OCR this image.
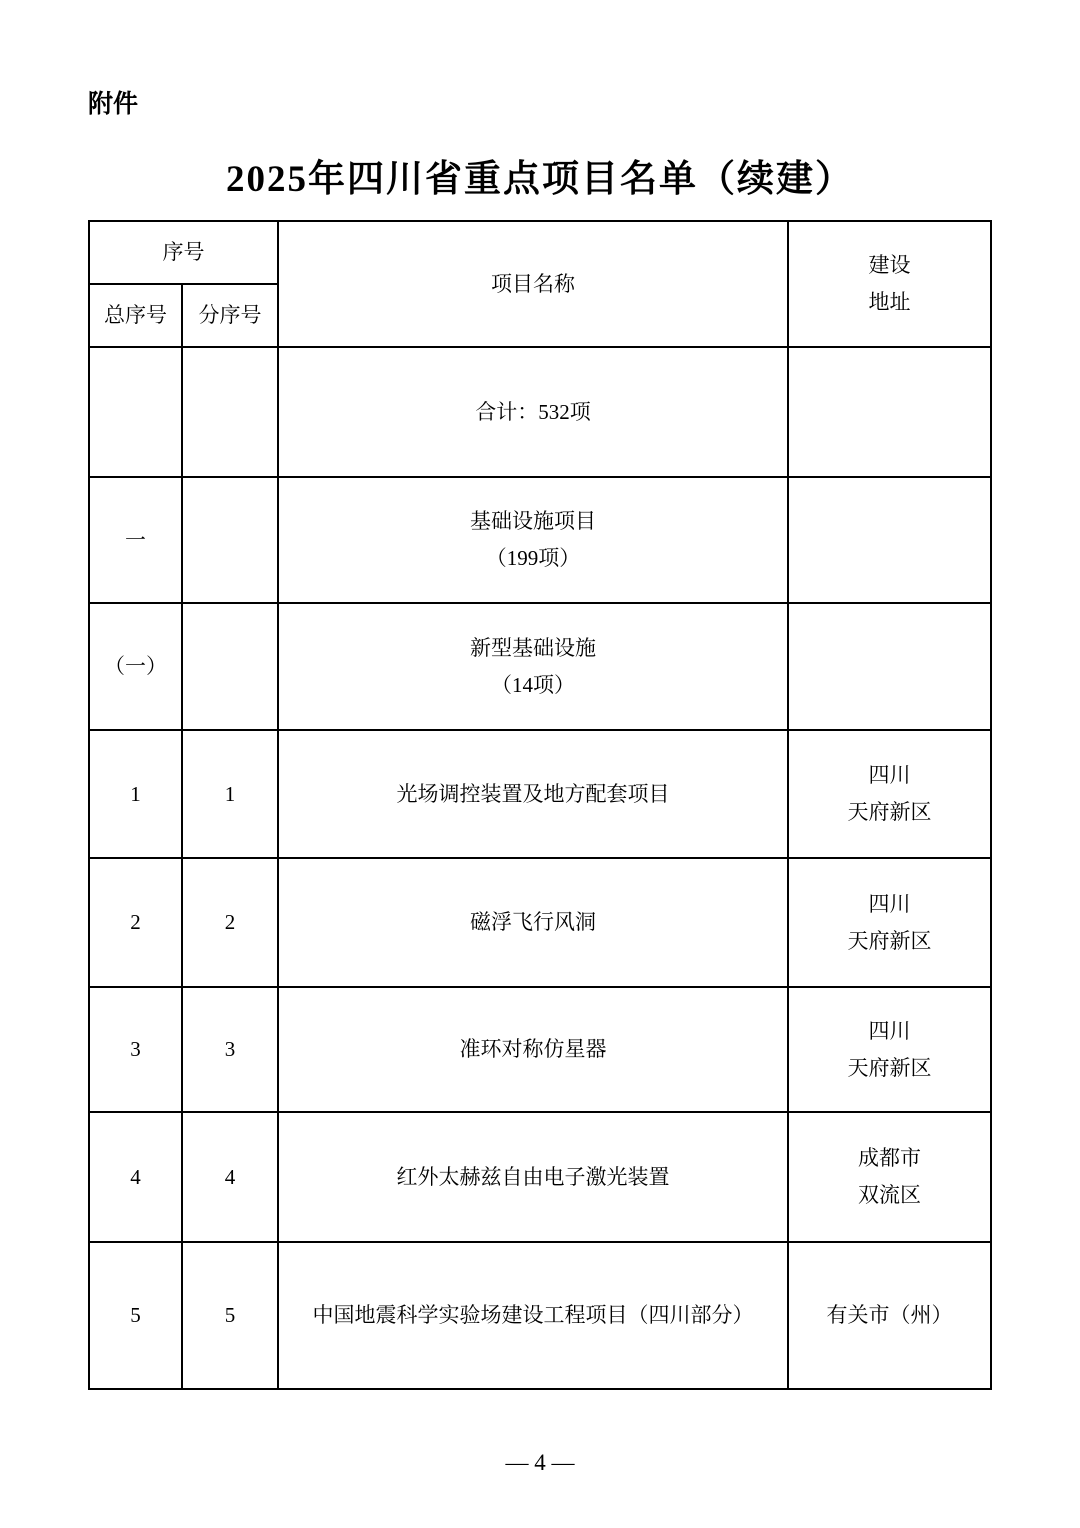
附件
2025年四川省重点项目名单（续建）
序号		项目名称	建设
地址
总序号	分序号		
		合计：532项	
一		基础设施项目
（199项）	
（一）		新型基础设施
（14项）	
1	1	光场调控装置及地方配套项目	四川
天府新区
2	2	磁浮飞行风洞	四川
天府新区
3	3	准环对称仿星器	四川
天府新区
4	4	红外太赫兹自由电子激光装置	成都市
双流区
5	5	中国地震科学实验场建设工程项目（四川部分）	有关市（州）
— 4 —
